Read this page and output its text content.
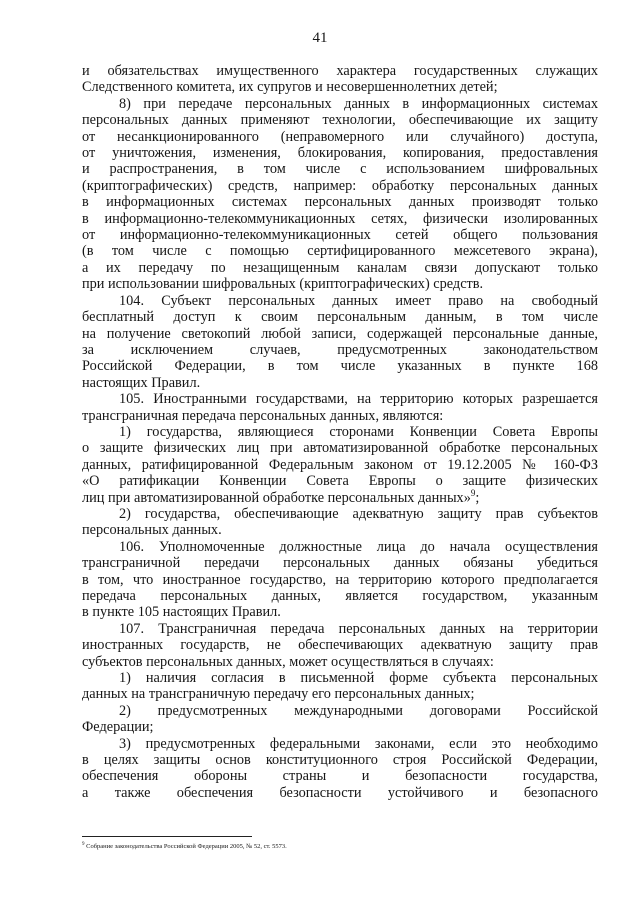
41

и обязательствах имущественного характера государственных служащих

Следственного комитета, их супругов и несовершеннолетних детей;

8) при передаче персональных данных в информационных системах

персональных данных применяют технологии, обеспечивающие их защиту

от несанкционированного (неправомерного или случайного) доступа,

от уничтожения, изменения, блокирования, копирования, предоставления

и распространения, в том числе с использованием шифровальных

(криптографических) средств, например: обработку персональных данных

в информационных системах персональных данных производят только

в информационно-телекоммуникационных сетях, физически изолированных

от информационно-телекоммуникационных сетей общего пользования

(в том числе с помощью сертифицированного межсетевого экрана),

а их передачу по незащищенным каналам связи допускают только

при использовании шифровальных (криптографических) средств.

104. Субъект персональных данных имеет право на свободный

бесплатный доступ к своим персональным данным, в том числе

на получение светокопий любой записи, содержащей персональные данные,

за исключением случаев, предусмотренных законодательством

Российской Федерации, в том числе указанных в пункте 168

настоящих Правил.

105. Иностранными государствами, на территорию которых разрешается

трансграничная передача персональных данных, являются:

1) государства, являющиеся сторонами Конвенции Совета Европы

о защите физических лиц при автоматизированной обработке персональных

данных, ратифицированной Федеральным законом от 19.12.2005 № 160-ФЗ

«О ратификации Конвенции Совета Европы о защите физических

лиц при автоматизированной обработке персональных данных»$^9$;

2) государства, обеспечивающие адекватную защиту прав субъектов

персональных данных.

106. Уполномоченные должностные лица до начала осуществления

трансграничной передачи персональных данных обязаны убедиться

в том, что иностранное государство, на территорию которого предполагается

передача персональных данных, является государством, указанным

в пункте 105 настоящих Правил.

107. Трансграничная передача персональных данных на территории

иностранных государств, не обеспечивающих адекватную защиту прав

субъектов персональных данных, может осуществляться в случаях:

1) наличия согласия в письменной форме субъекта персональных

данных на трансграничную передачу его персональных данных;

2) предусмотренных международными договорами Российской

Федерации;

3) предусмотренных федеральными законами, если это необходимо

в целях защиты основ конституционного строя Российской Федерации,

обеспечения обороны страны и безопасности государства,

а также обеспечения безопасности устойчивого и безопасного

$^9$ Собрание законодательства Российской Федерации 2005, № 52, ст. 5573.
